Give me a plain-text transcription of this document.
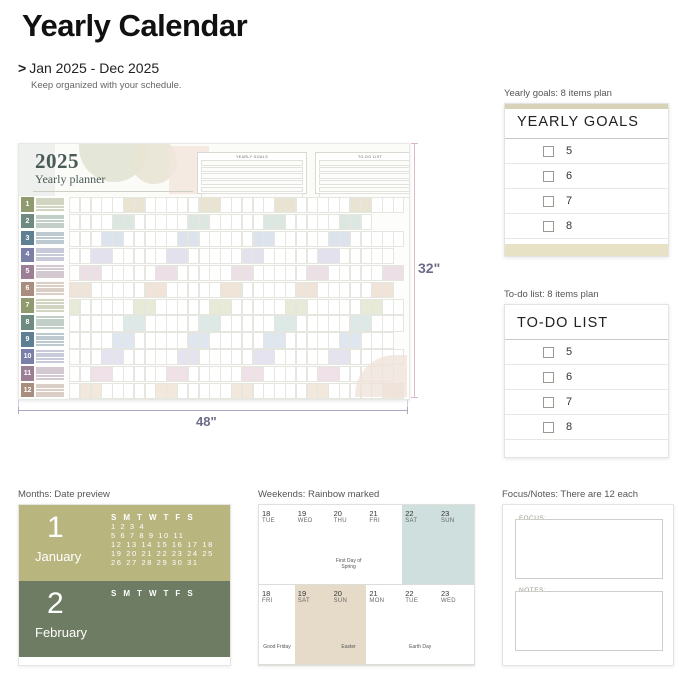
Yearly Calendar
> Jan 2025 - Dec 2025
Keep organized with your schedule.
2025
Yearly planner
YEARLY GOALS	TO-DO LIST
1
2
3
4
5
6
7
8
9
10
11
12
32"
48"
Yearly goals: 8 items plan
YEARLY GOALS
5
6
7
8
To-do list: 8 items plan
TO-DO LIST
5
6
7
8
Months: Date preview
1
January
S M T W T F S
1 2 3 4
5 6 7 8 9 10 11
12 13 14 15 16 17 18
19 20 21 22 23 24 25
26 27 28 29 30 31
2
February
S M T W T F S
Weekends: Rainbow marked
18
TUE
19
WED
20
THU
First Day of Spring
21
FRI
22
SAT
23
SUN
18
FRI
Good Friday
19
SAT
20
SUN
Easter
21
MON
22
TUE
Earth Day
23
WED
Focus/Notes: There are 12 each
